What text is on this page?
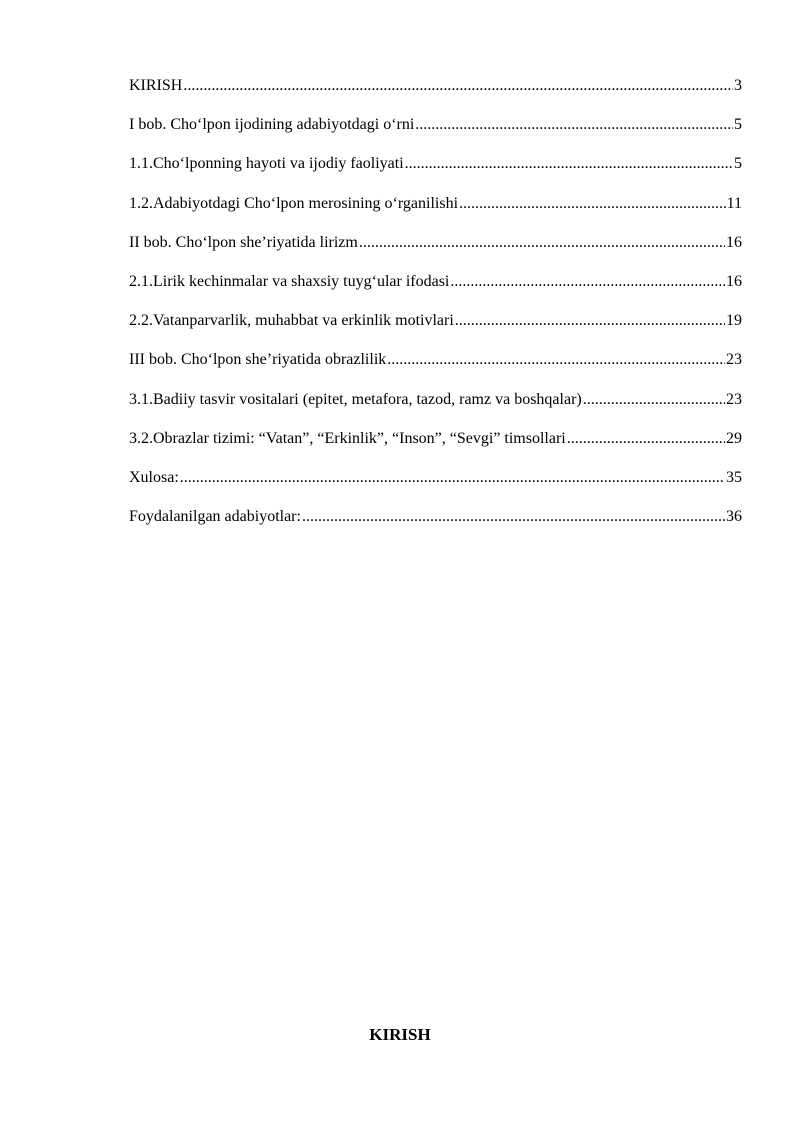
KIRISH .....	3
I bob. Cho‘lpon ijodining adabiyotdagi o‘rni .....	5
1.1.Cho‘lponning hayoti va ijodiy faoliyati .....	5
1.2.Adabiyotdagi Cho‘lpon merosining o‘rganilishi .....	11
II bob. Cho‘lpon she’riyatida lirizm .....	16
2.1.Lirik kechinmalar va shaxsiy tuyg‘ular ifodasi .....	16
2.2.Vatanparvarlik, muhabbat va erkinlik motivlari .....	19
III bob. Cho‘lpon she’riyatida obrazlilik .....	23
3.1.Badiiy tasvir vositalari (epitet, metafora, tazod, ramz va boshqalar) .....	23
3.2.Obrazlar tizimi: “Vatan”, “Erkinlik”, “Inson”, “Sevgi” timsollari .....	29
Xulosa: .....	35
Foydalanilgan adabiyotlar: .....	36
KIRISH
